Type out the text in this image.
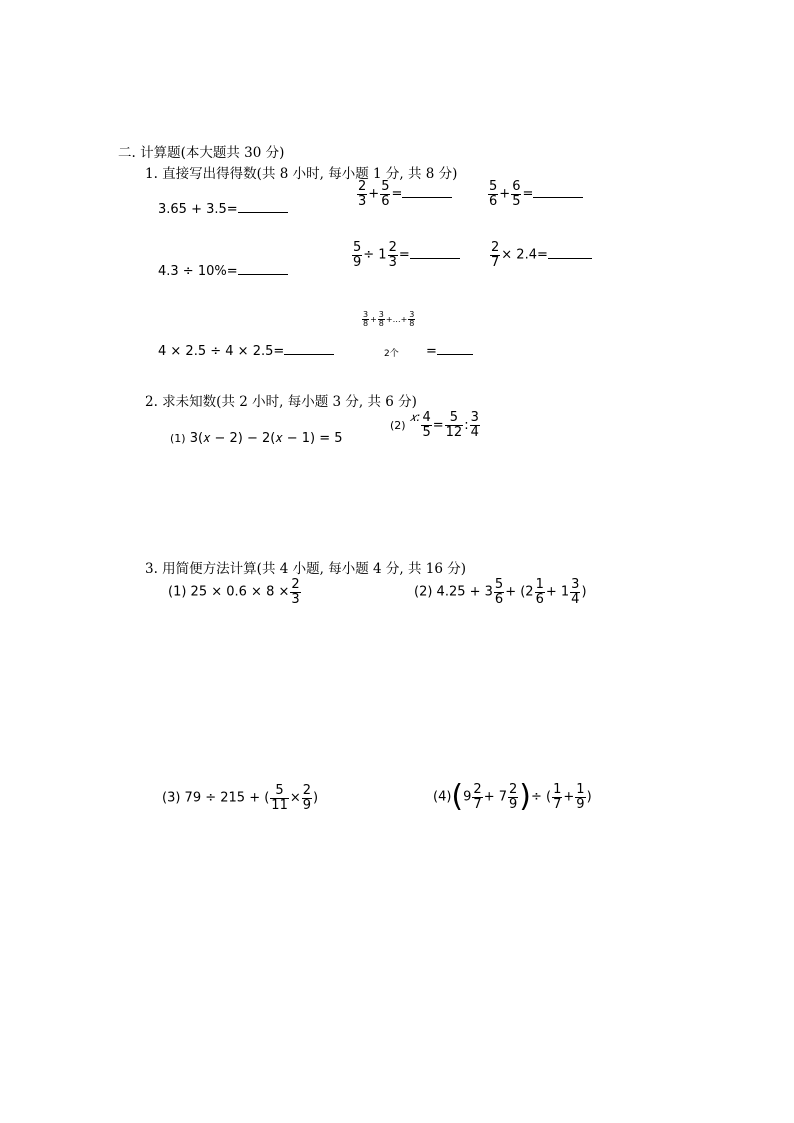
二. 计算题(本大题共 30 分)
1. 直接写出得得数(共 8 小时, 每小题 1 分, 共 8 分)
3.65 + 3.5=
$\frac{2}{3} + \frac{5}{6}$ =	$\frac{5}{6} + \frac{6}{5}$ =
4.3 ÷ 10%=
$\frac{5}{9} \div 1 \frac{2}{3}$ =	$\frac{2}{7} \times 2.4=$
4 × 2.5 ÷ 4 × 2.5=
$\frac{3}{8} + \frac{3}{8}$ +…+ $\frac{3}{8}$
2个 =
2. 求未知数(共 2 小时, 每小题 3 分, 共 6 分)
(1) 3(𝑥 − 2) − 2(𝑥 − 1) = 5
(2) 𝑥: $\frac{4}{5} = \frac{5}{12}$ : $\frac{3}{4}$
3. 用简便方法计算(共 4 小题, 每小题 4 分, 共 16 分)
(1) $25 \times 0.6 \times 8 \times \frac{2}{3}$	(2) $4.25 + 3 \frac{5}{6} + (2 \frac{1}{6} + 1 \frac{3}{4}$ )
(3) 79 ÷ 215 + ( $\frac{5}{11} \times \frac{2}{9}$ )	$(4)(9 \frac{2}{7} + 7 \frac{2}{9}$ )÷ ( $\frac{1}{7} + \frac{1}{9}$ )
